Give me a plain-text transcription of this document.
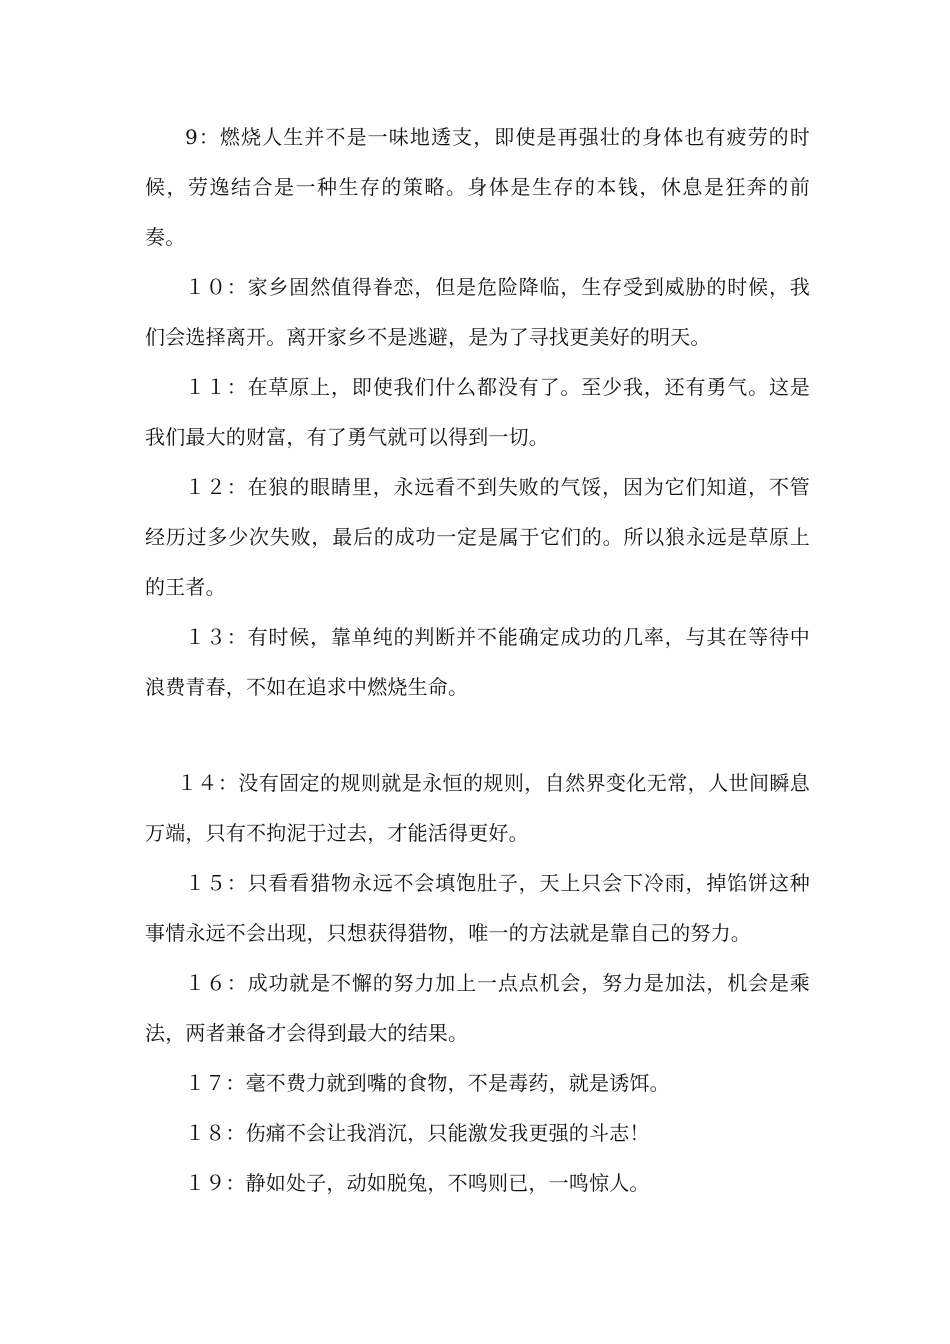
9：燃烧人生并不是一味地透支，即使是再强壮的身体也有疲劳的时候，劳逸结合是一种生存的策略。身体是生存的本钱，休息是狂奔的前奏。

１０：家乡固然值得眷恋，但是危险降临，生存受到威胁的时候，我们会选择离开。离开家乡不是逃避，是为了寻找更美好的明天。

１１：在草原上，即使我们什么都没有了。至少我，还有勇气。这是我们最大的财富，有了勇气就可以得到一切。

１２：在狼的眼睛里，永远看不到失败的气馁，因为它们知道，不管经历过多少次失败，最后的成功一定是属于它们的。所以狼永远是草原上的王者。

１３：有时候，靠单纯的判断并不能确定成功的几率，与其在等待中浪费青春，不如在追求中燃烧生命。

１４：没有固定的规则就是永恒的规则，自然界变化无常，人世间瞬息万端，只有不拘泥于过去，才能活得更好。

１５：只看看猎物永远不会填饱肚子，天上只会下冷雨，掉馅饼这种事情永远不会出现，只想获得猎物，唯一的方法就是靠自己的努力。

１６：成功就是不懈的努力加上一点点机会，努力是加法，机会是乘法，两者兼备才会得到最大的结果。

１７：毫不费力就到嘴的食物，不是毒药，就是诱饵。

１８：伤痛不会让我消沉，只能激发我更强的斗志！

１９：静如处子，动如脱兔，不鸣则已，一鸣惊人。
